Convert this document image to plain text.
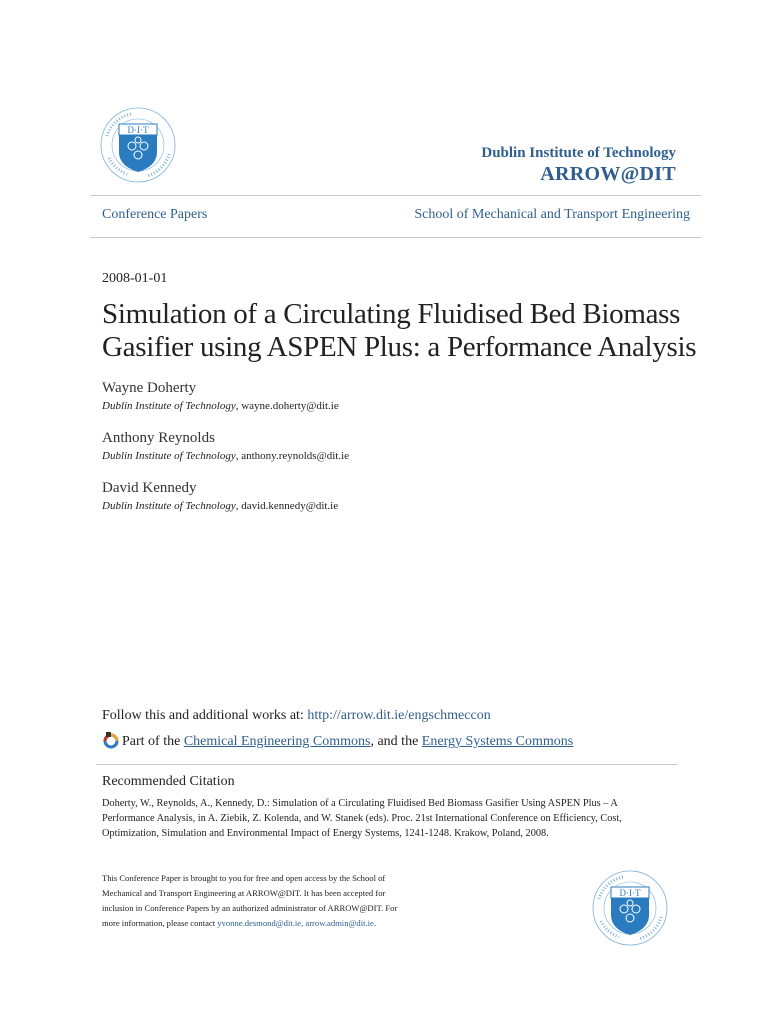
D·I·T
Dublin Institute of Technology
ARROW@DIT
Conference Papers	School of Mechanical and Transport Engineering
2008-01-01
Simulation of a Circulating Fluidised Bed Biomass
Gasifier using ASPEN Plus: a Performance Analysis
Wayne Doherty
Dublin Institute of Technology, wayne.doherty@dit.ie
Anthony Reynolds
Dublin Institute of Technology, anthony.reynolds@dit.ie
David Kennedy
Dublin Institute of Technology, david.kennedy@dit.ie
Follow this and additional works at: http://arrow.dit.ie/engschmeccon
Part of the Chemical Engineering Commons, and the Energy Systems Commons
Recommended Citation
Doherty, W., Reynolds, A., Kennedy, D.: Simulation of a Circulating Fluidised Bed Biomass Gasifier Using ASPEN Plus – A Performance Analysis, in A. Ziebik, Z. Kolenda, and W. Stanek (eds). Proc. 21st International Conference on Efficiency, Cost, Optimization, Simulation and Environmental Impact of Energy Systems, 1241-1248. Krakow, Poland, 2008.
This Conference Paper is brought to you for free and open access by the School of Mechanical and Transport Engineering at ARROW@DIT. It has been accepted for inclusion in Conference Papers by an authorized administrator of ARROW@DIT. For more information, please contact yvonne.desmond@dit.ie, arrow.admin@dit.ie.
D·I·T
